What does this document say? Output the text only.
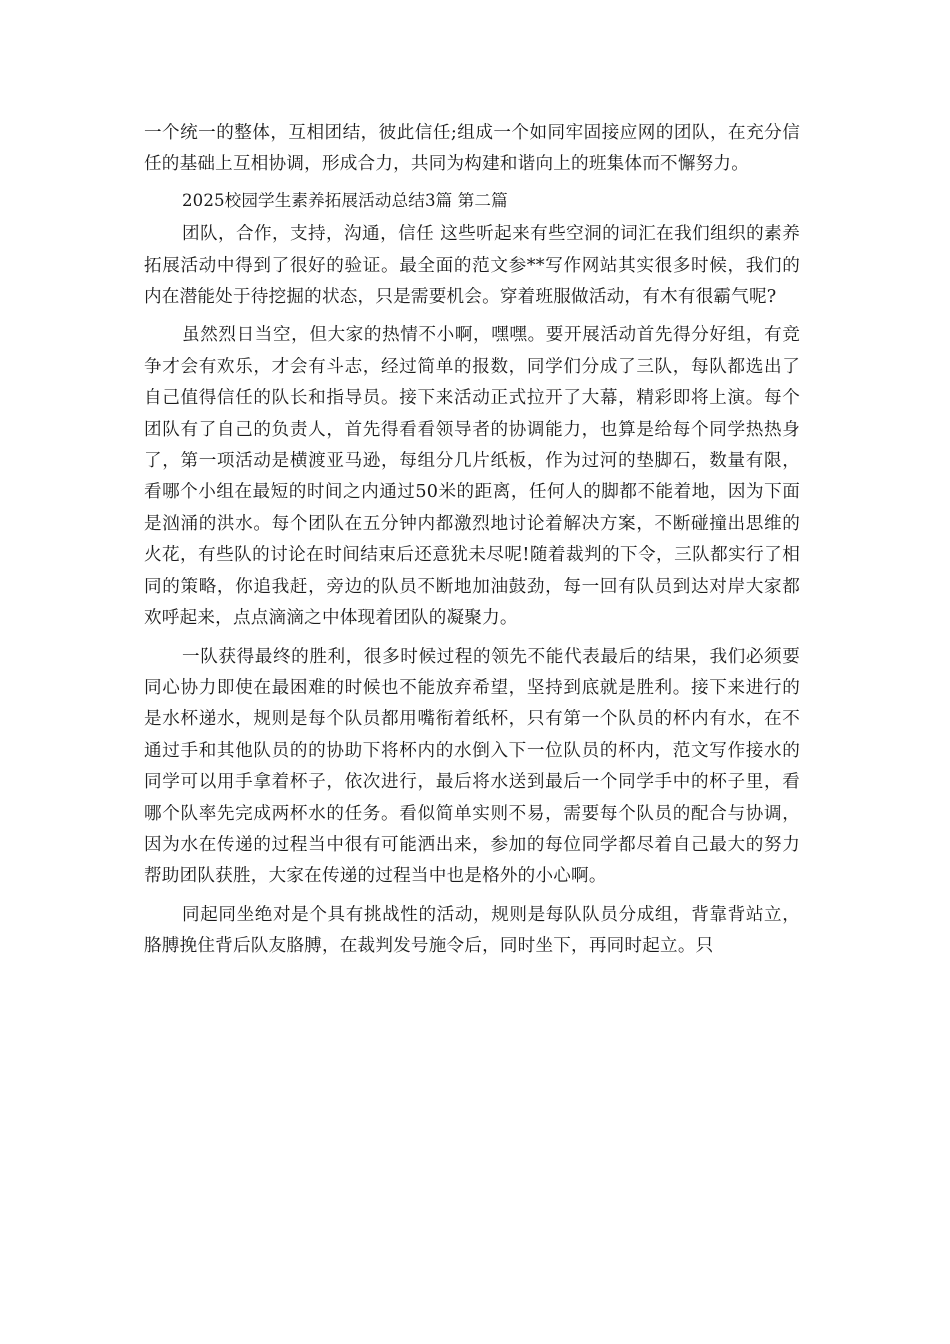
一个统一的整体，互相团结，彼此信任;组成一个如同牢固接应网的团队，在充分信任的基础上互相协调，形成合力，共同为构建和谐向上的班集体而不懈努力。

2025校园学生素养拓展活动总结3篇 第二篇

团队，合作，支持，沟通，信任 这些听起来有些空洞的词汇在我们组织的素养拓展活动中得到了很好的验证。最全面的范文参**写作网站其实很多时候，我们的内在潜能处于待挖掘的状态，只是需要机会。穿着班服做活动，有木有很霸气呢?

虽然烈日当空，但大家的热情不小啊，嘿嘿。要开展活动首先得分好组，有竞争才会有欢乐，才会有斗志，经过简单的报数，同学们分成了三队，每队都选出了自己值得信任的队长和指导员。接下来活动正式拉开了大幕，精彩即将上演。每个团队有了自己的负责人，首先得看看领导者的协调能力，也算是给每个同学热热身了，第一项活动是横渡亚马逊，每组分几片纸板，作为过河的垫脚石，数量有限，看哪个小组在最短的时间之内通过50米的距离，任何人的脚都不能着地，因为下面是汹涌的洪水。每个团队在五分钟内都激烈地讨论着解决方案，不断碰撞出思维的火花，有些队的讨论在时间结束后还意犹未尽呢!随着裁判的下令，三队都实行了相同的策略，你追我赶，旁边的队员不断地加油鼓劲，每一回有队员到达对岸大家都欢呼起来，点点滴滴之中体现着团队的凝聚力。

一队获得最终的胜利，很多时候过程的领先不能代表最后的结果，我们必须要同心协力即使在最困难的时候也不能放弃希望，坚持到底就是胜利。接下来进行的是水杯递水，规则是每个队员都用嘴衔着纸杯，只有第一个队员的杯内有水，在不通过手和其他队员的的协助下将杯内的水倒入下一位队员的杯内，范文写作接水的同学可以用手拿着杯子，依次进行，最后将水送到最后一个同学手中的杯子里，看哪个队率先完成两杯水的任务。看似简单实则不易，需要每个队员的配合与协调，因为水在传递的过程当中很有可能洒出来，参加的每位同学都尽着自己最大的努力帮助团队获胜，大家在传递的过程当中也是格外的小心啊。

同起同坐绝对是个具有挑战性的活动，规则是每队队员分成组，背靠背站立，胳膊挽住背后队友胳膊，在裁判发号施令后，同时坐下，再同时起立。只
